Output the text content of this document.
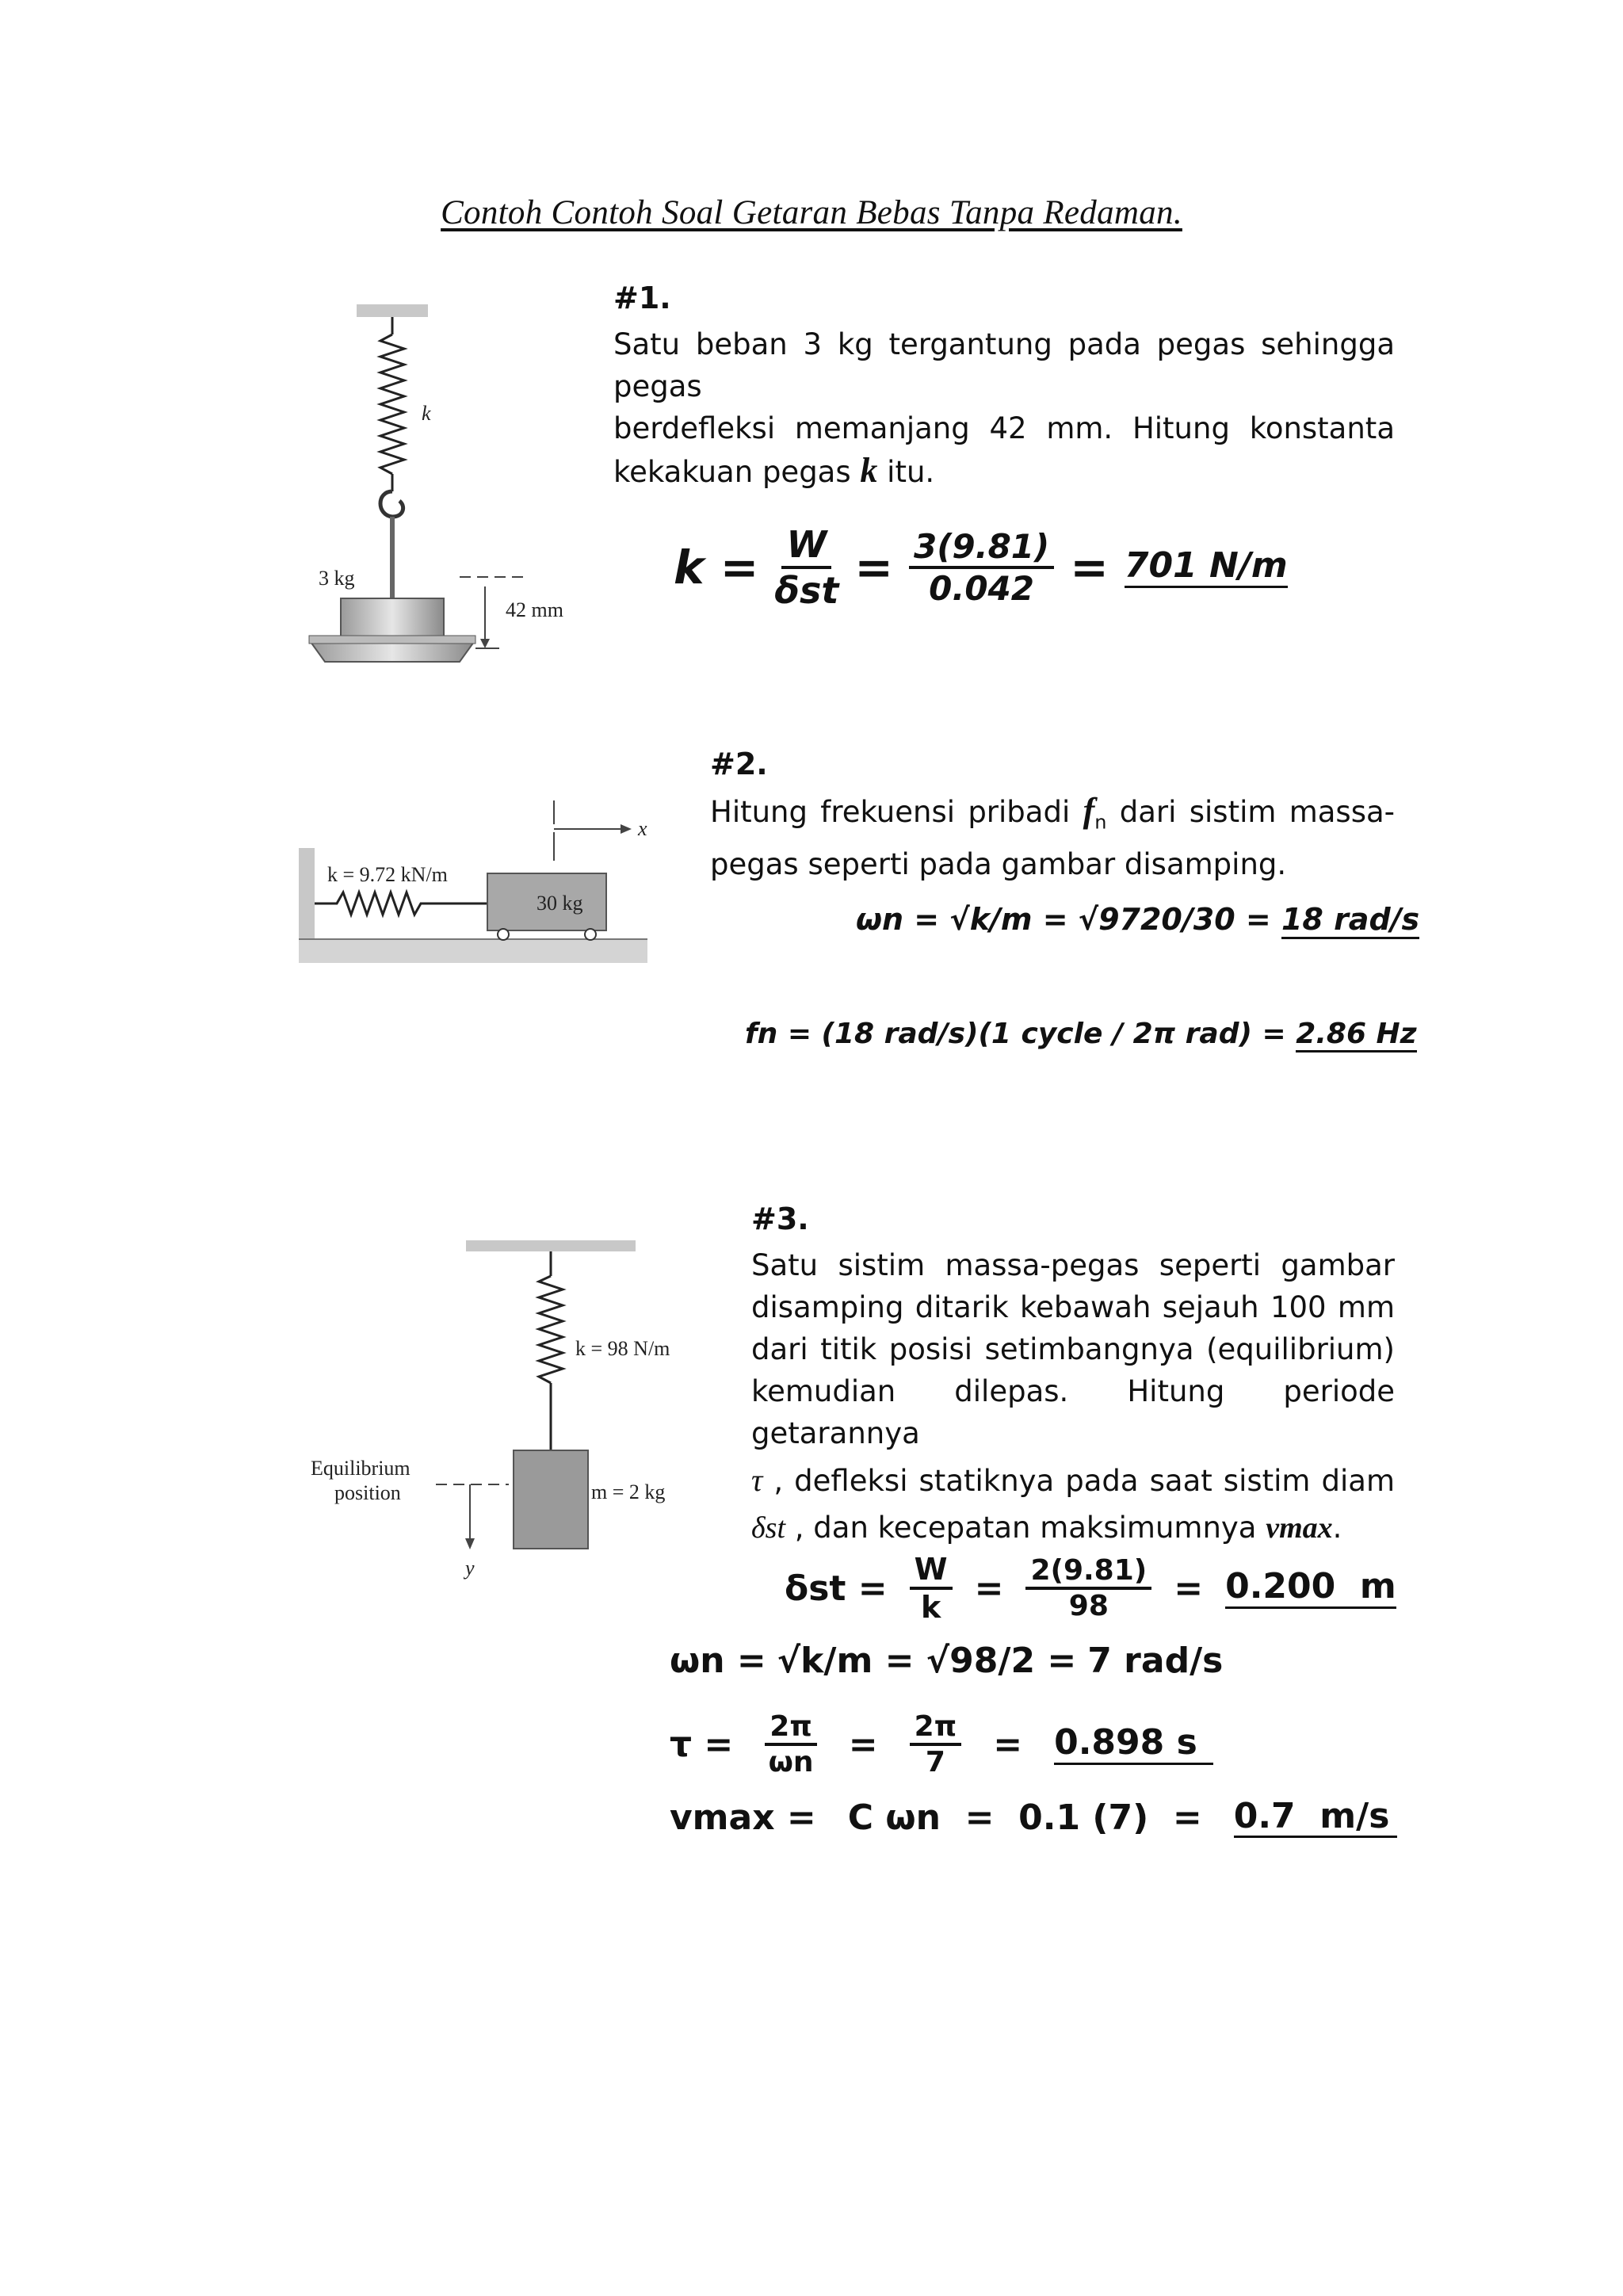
Contoh Contoh Soal Getaran Bebas Tanpa Redaman.
k
3 kg
42 mm
#1.
Satu beban 3 kg tergantung pada pegas sehingga pegas
berdefleksi memanjang 42 mm. Hitung konstanta
kekakuan pegas k itu.
$k = \frac{W}{\text{δst}} = \frac{3(9.81)}{0.042} = 701$ N/m
30 kg
k = 9.72 kN/m
x
#2.
Hitung frekuensi pribadi $f_n$ dari sistim massa-
pegas seperti pada gambar disamping.
ωn = √k/m = √9720/30 = 18 rad/s
fn = (18 rad/s)(1 cycle / 2π rad) = 2.86 Hz
k = 98 N/m
m = 2 kg
Equilibrium
position
y
#3.
Satu sistim massa-pegas seperti gambar
disamping ditarik kebawah sejauh 100 mm
dari titik posisi setimbangnya (equilibrium)
kemudian dilepas. Hitung periode getarannya
τ , defleksi statiknya pada saat sistim diam
δst , dan kecepatan maksimumnya vmax.
$\delta st = \frac{W}{k} = \frac{2(9.81)}{98} = 0.200$  m
ωn = √k/m = √98/2 = 7 rad/s
$\tau = \frac{2\pi}{\omega n} = \frac{2\pi}{7} = 0.898$ s
vmax = C ωn  =  0.1 (7)  = 0.7  m/s
